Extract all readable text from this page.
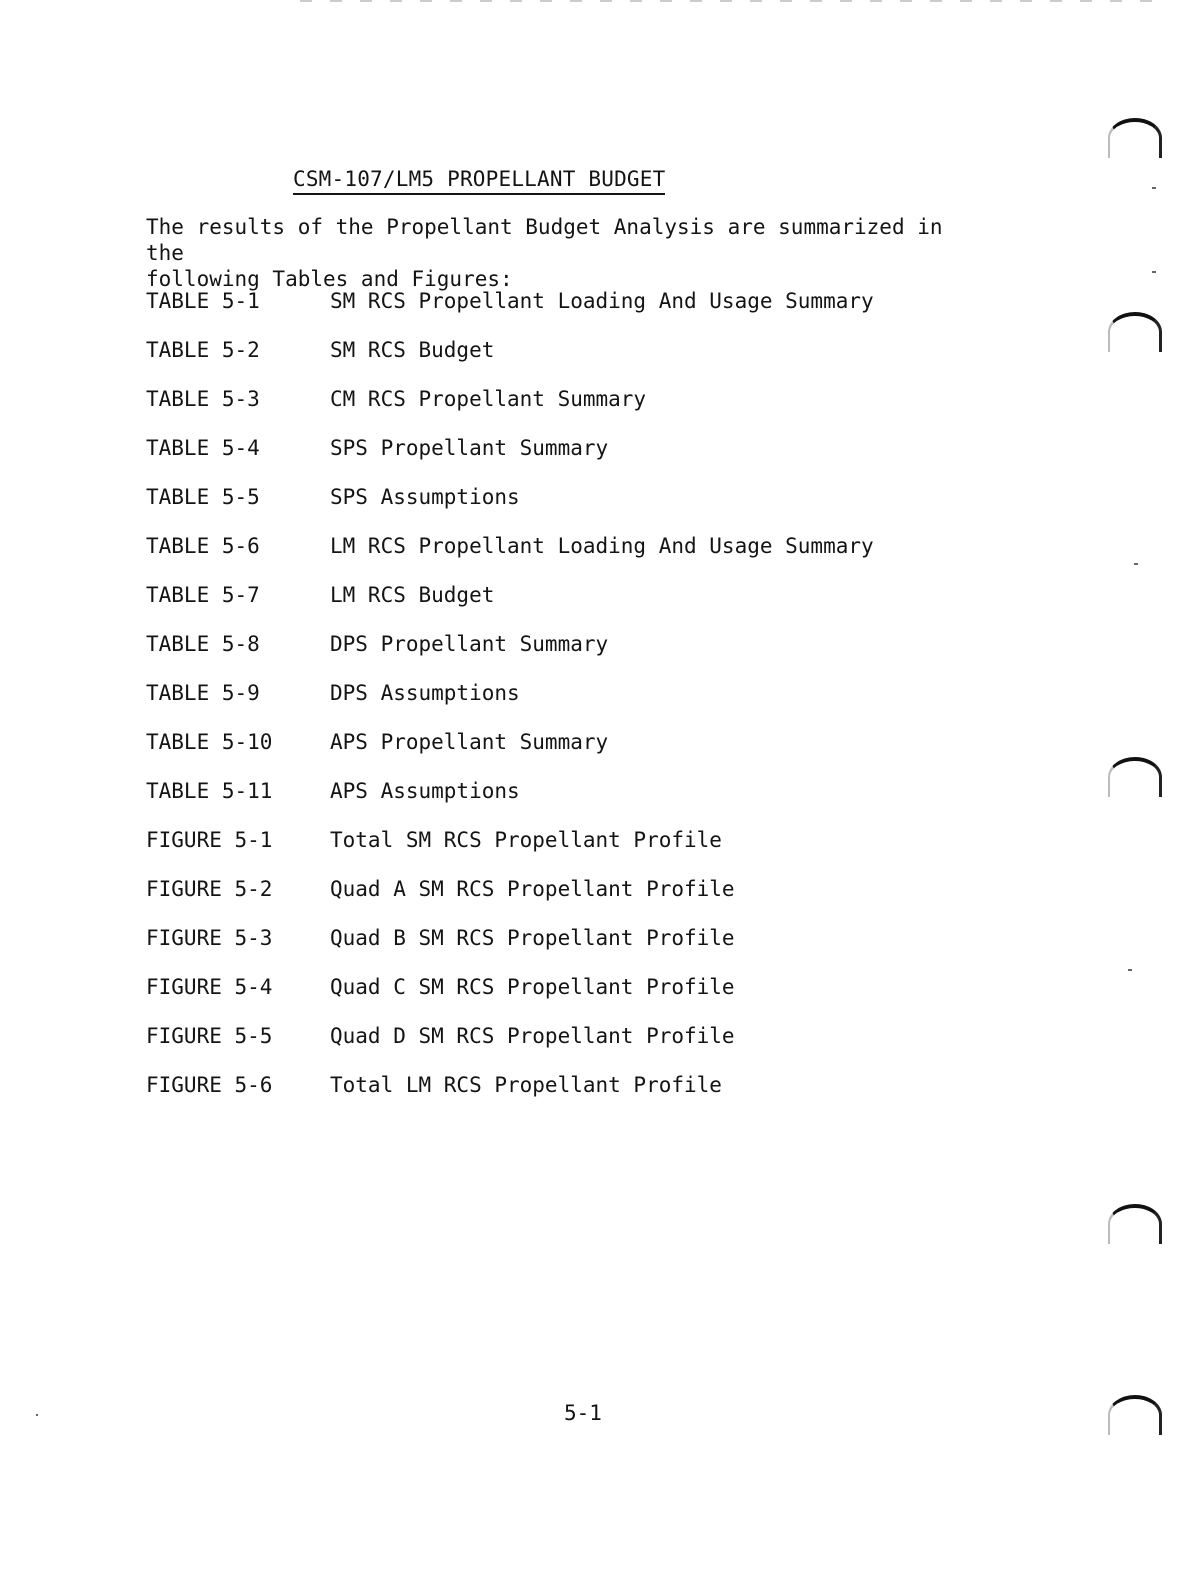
CSM-107/LM5 PROPELLANT BUDGET
The results of the Propellant Budget Analysis are summarized in the
following Tables and Figures:
TABLE 5-1	SM RCS Propellant Loading And Usage Summary
TABLE 5-2	SM RCS Budget
TABLE 5-3	CM RCS Propellant Summary
TABLE 5-4	SPS Propellant Summary
TABLE 5-5	SPS Assumptions
TABLE 5-6	LM RCS Propellant Loading And Usage Summary
TABLE 5-7	LM RCS Budget
TABLE 5-8	DPS Propellant Summary
TABLE 5-9	DPS Assumptions
TABLE 5-10	APS Propellant Summary
TABLE 5-11	APS Assumptions
FIGURE 5-1	Total SM RCS Propellant Profile
FIGURE 5-2	Quad A SM RCS Propellant Profile
FIGURE 5-3	Quad B SM RCS Propellant Profile
FIGURE 5-4	Quad C SM RCS Propellant Profile
FIGURE 5-5	Quad D SM RCS Propellant Profile
FIGURE 5-6	Total LM RCS Propellant Profile
5-1
